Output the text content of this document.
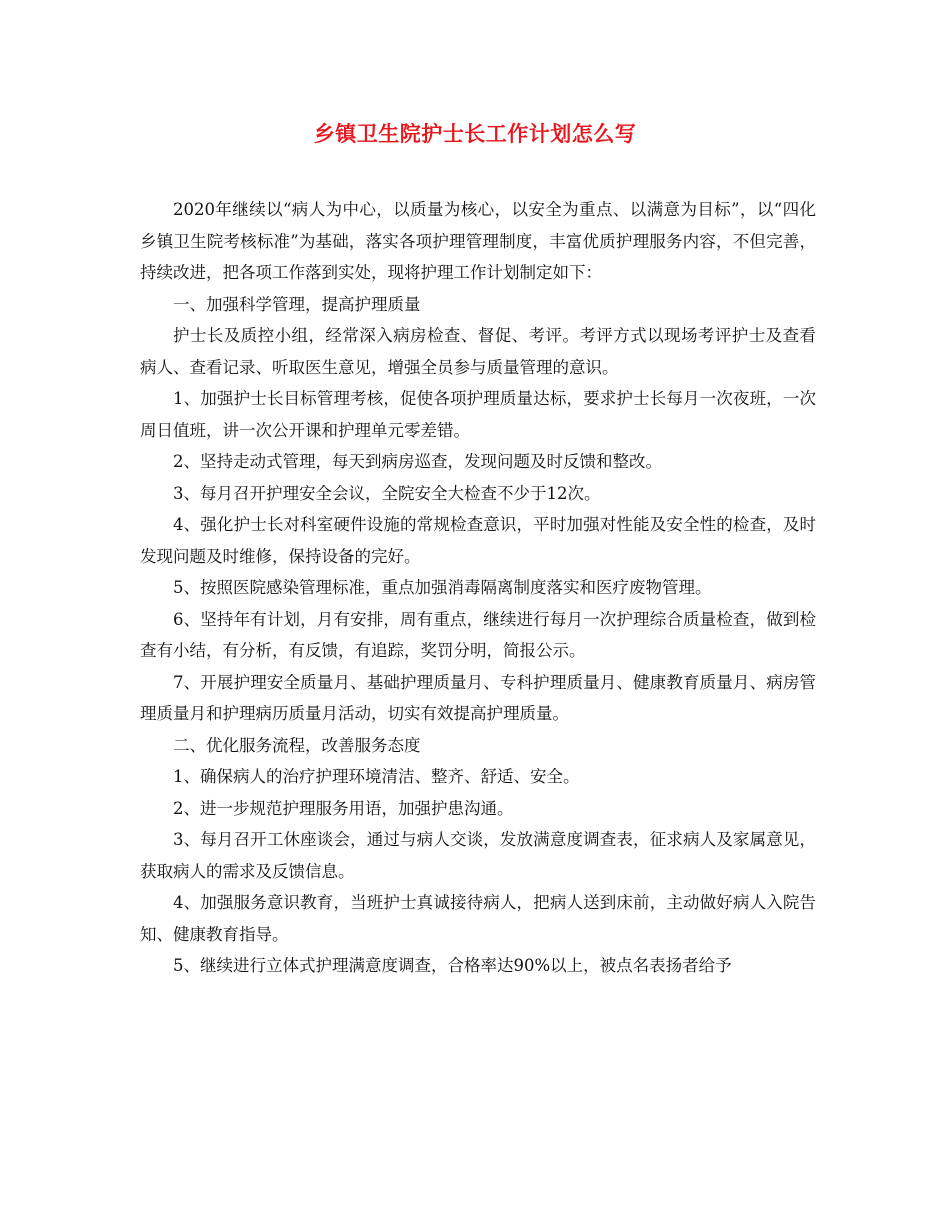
乡镇卫生院护士长工作计划怎么写

2020年继续以“病人为中心，以质量为核心，以安全为重点、以满意为目标”，以“四化乡镇卫生院考核标准”为基础，落实各项护理管理制度，丰富优质护理服务内容，不但完善，持续改进，把各项工作落到实处，现将护理工作计划制定如下：

一、加强科学管理，提高护理质量

护士长及质控小组，经常深入病房检查、督促、考评。考评方式以现场考评护士及查看病人、查看记录、听取医生意见，增强全员参与质量管理的意识。

1、加强护士长目标管理考核，促使各项护理质量达标，要求护士长每月一次夜班，一次周日值班，讲一次公开课和护理单元零差错。

2、坚持走动式管理，每天到病房巡查，发现问题及时反馈和整改。

3、每月召开护理安全会议，全院安全大检查不少于12次。

4、强化护士长对科室硬件设施的常规检查意识，平时加强对性能及安全性的检查，及时发现问题及时维修，保持设备的完好。

5、按照医院感染管理标准，重点加强消毒隔离制度落实和医疗废物管理。

6、坚持年有计划，月有安排，周有重点，继续进行每月一次护理综合质量检查，做到检查有小结，有分析，有反馈，有追踪，奖罚分明，简报公示。

7、开展护理安全质量月、基础护理质量月、专科护理质量月、健康教育质量月、病房管理质量月和护理病历质量月活动，切实有效提高护理质量。

二、优化服务流程，改善服务态度

1、确保病人的治疗护理环境清洁、整齐、舒适、安全。

2、进一步规范护理服务用语，加强护患沟通。

3、每月召开工休座谈会，通过与病人交谈，发放满意度调查表，征求病人及家属意见，获取病人的需求及反馈信息。

4、加强服务意识教育，当班护士真诚接待病人，把病人送到床前，主动做好病人入院告知、健康教育指导。

5、继续进行立体式护理满意度调查，合格率达90%以上，被点名表扬者给予
